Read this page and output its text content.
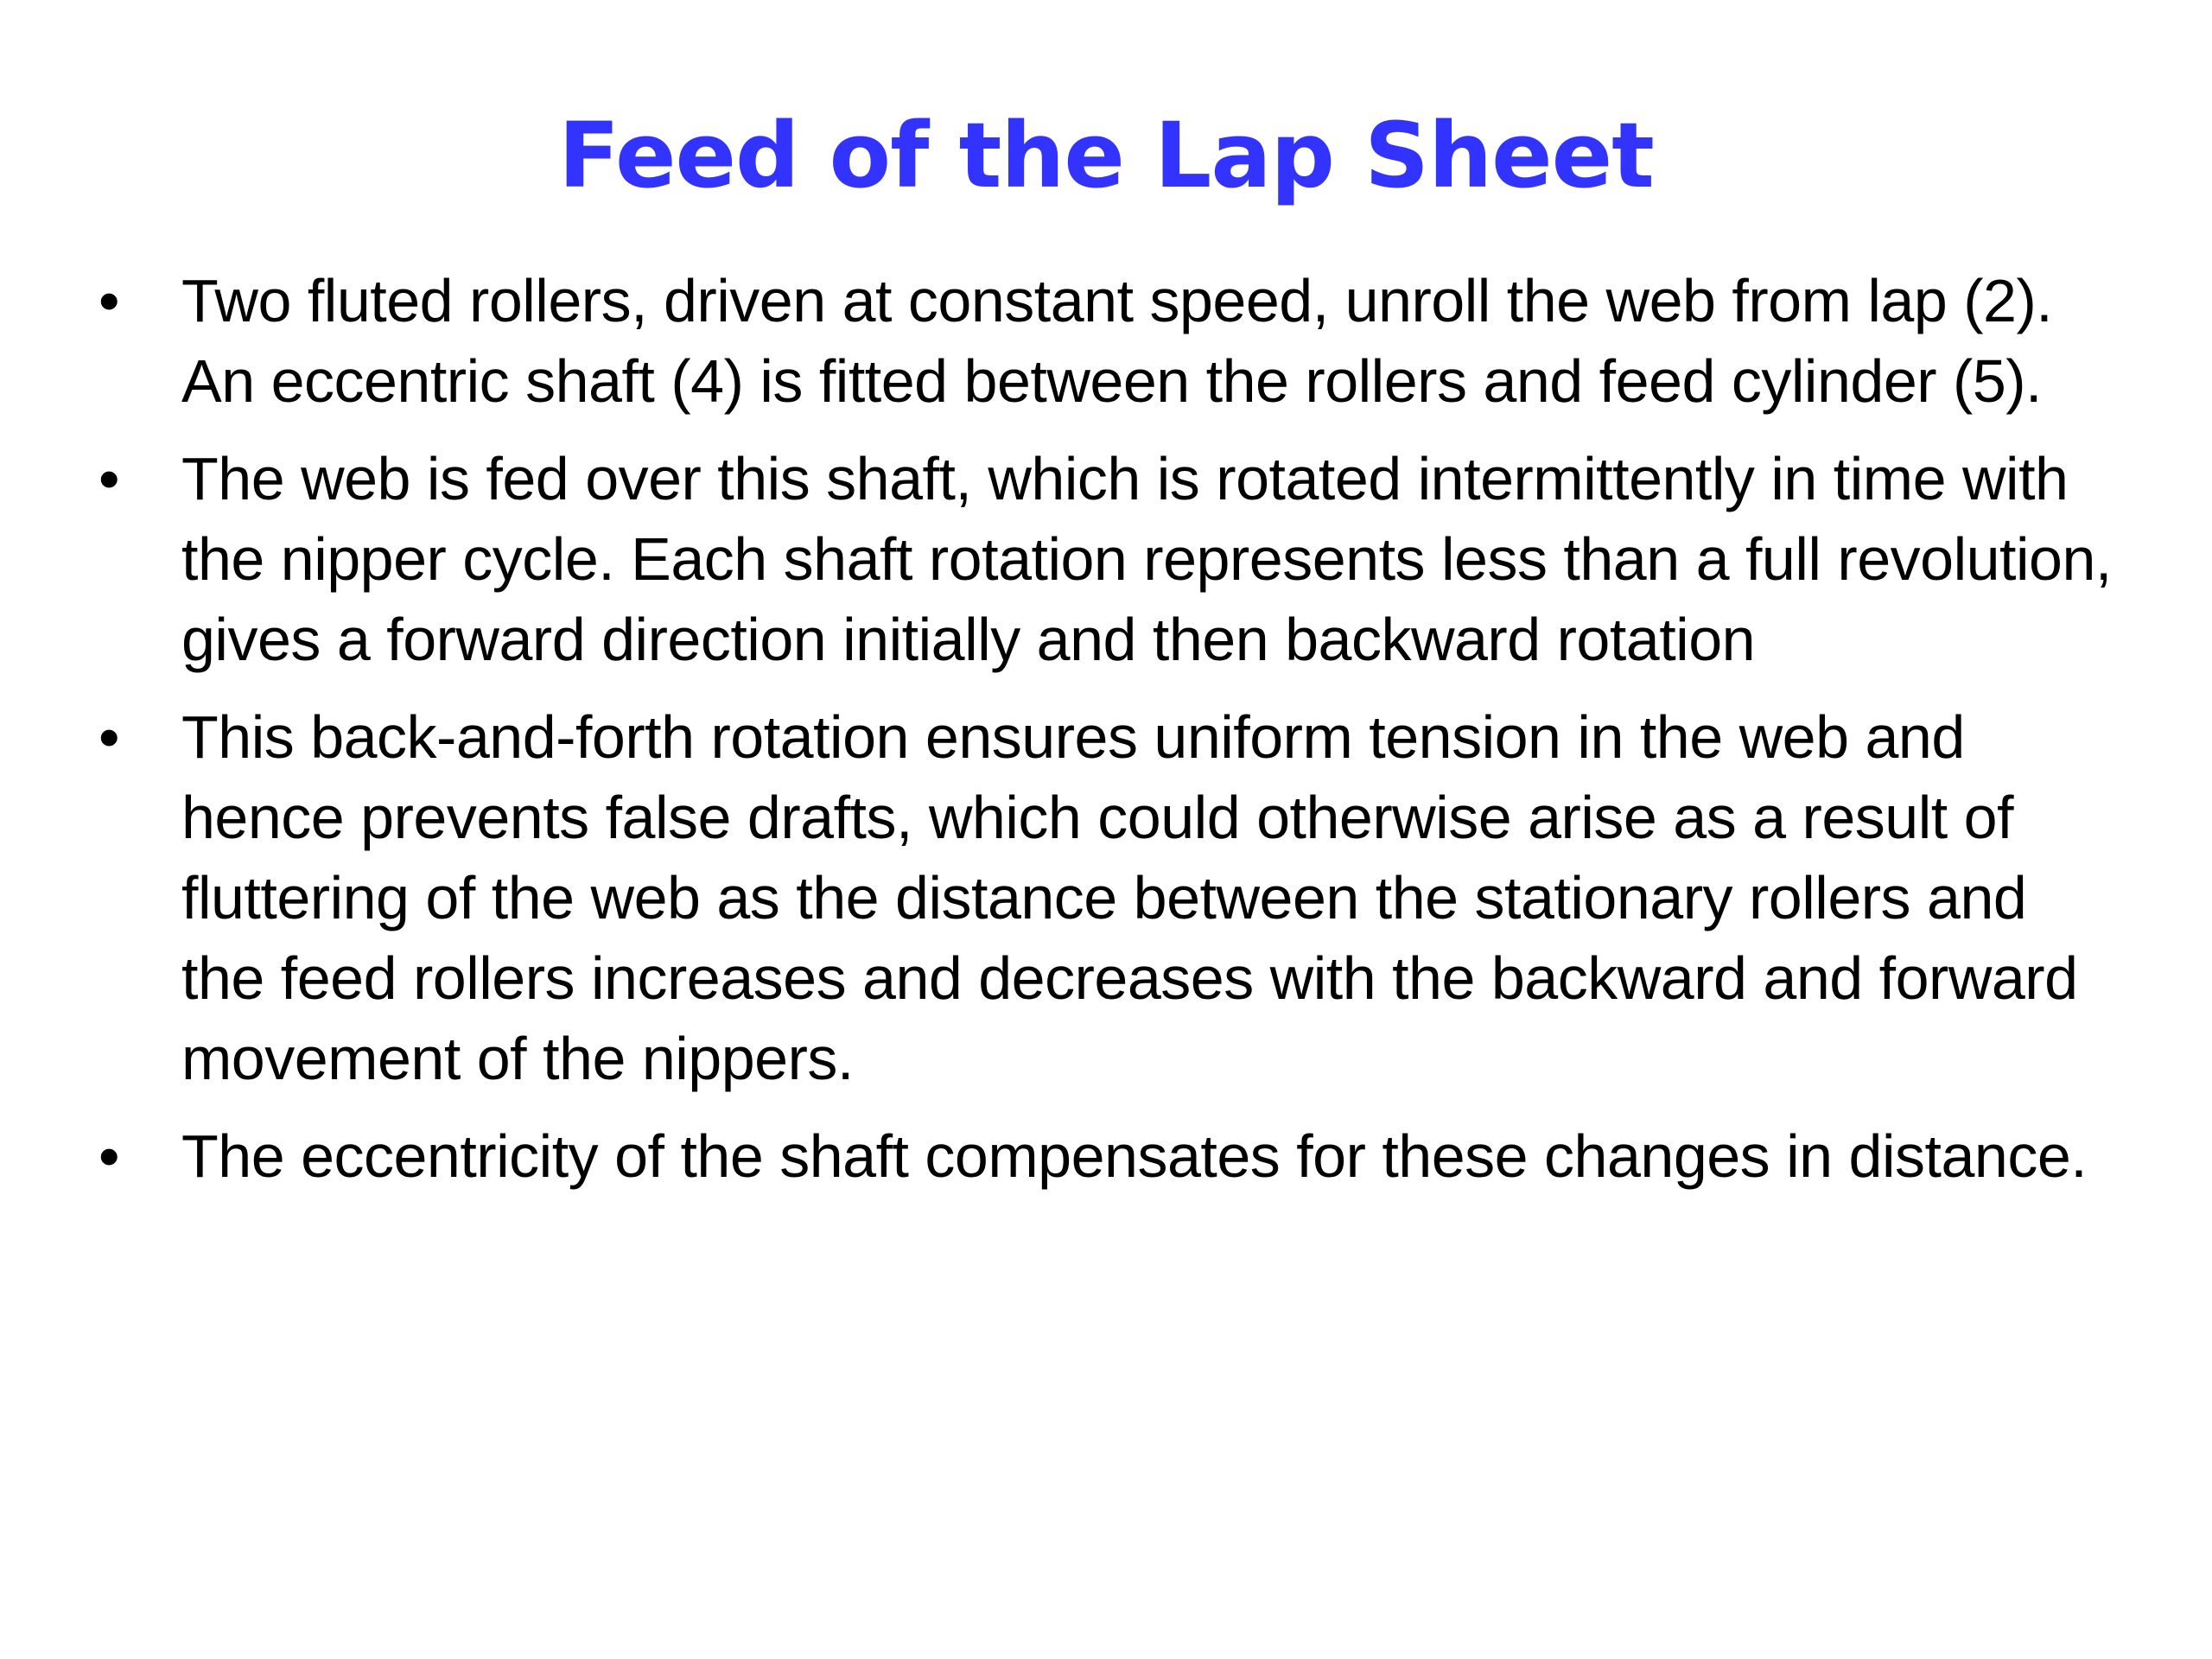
Feed of the Lap Sheet
• Two fluted rollers, driven at constant speed, unroll the web from lap (2). An eccentric shaft (4) is fitted between the rollers and feed cylinder (5).
• The web is fed over this shaft, which is rotated intermittently in time with the nipper cycle. Each shaft rotation represents less than a full revolution, gives a forward direction initially and then backward rotation
• This back-and-forth rotation ensures uniform tension in the web and hence prevents false drafts, which could otherwise arise as a result of fluttering of the web as the distance between the stationary rollers and the feed rollers increases and decreases with the backward and forward movement of the nippers.
• The eccentricity of the shaft compensates for these changes in distance.
